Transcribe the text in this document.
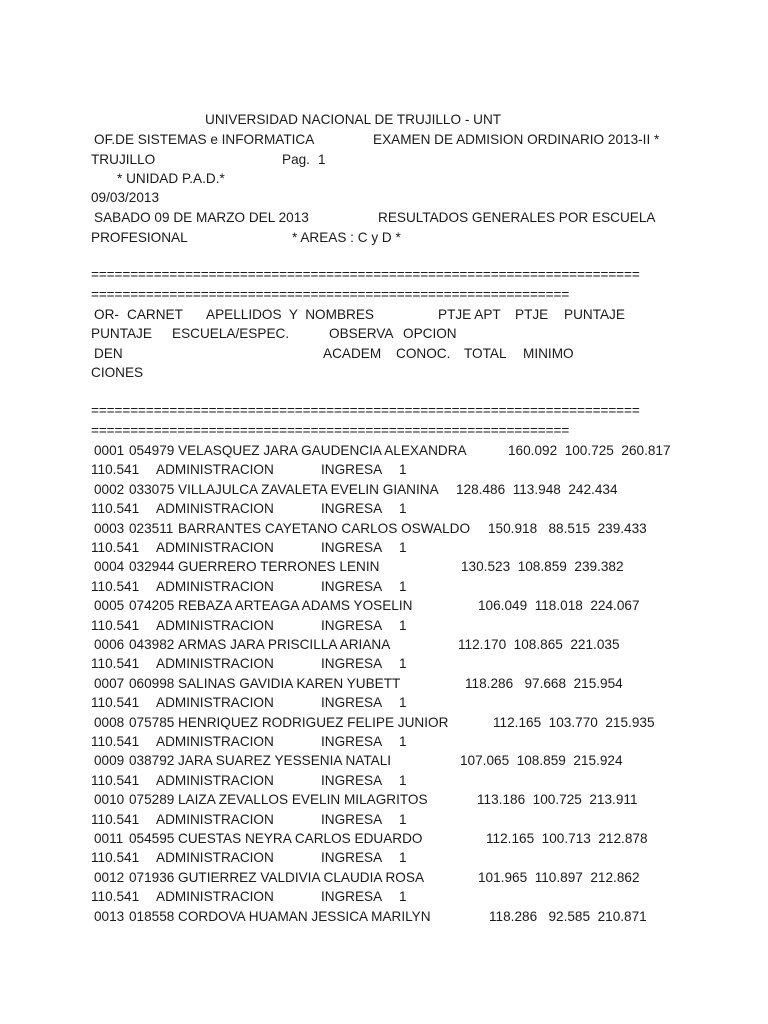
UNIVERSIDAD NACIONAL DE TRUJILLO - UNT
OF.DE SISTEMAS e INFORMATICA	EXAMEN DE ADMISION ORDINARIO 2013-II *
TRUJILLO	Pag. 1
* UNIDAD P.A.D.*
09/03/2013
SABADO 09 DE MARZO DEL 2013	RESULTADOS GENERALES POR ESCUELA
PROFESIONAL	* AREAS : C y D *
======================================================================
=============================================================
OR- CARNET APELLIDOS  Y  NOMBRES	PTJE APT PTJE PUNTAJE
PUNTAJE ESCUELA/ESPEC.	OBSERVA OPCION
DEN	ACADEM CONOC. TOTAL MINIMO
CIONES
======================================================================
=============================================================
0001 054979 VELASQUEZ JARA GAUDENCIA ALEXANDRA	160.092  100.725  260.817
110.541 ADMINISTRACION	INGRESA 1
0002 033075 VILLAJULCA ZAVALETA EVELIN GIANINA 128.486  113.948  242.434
110.541 ADMINISTRACION	INGRESA 1
0003 023511 BARRANTES CAYETANO CARLOS OSWALDO 150.918   88.515  239.433
110.541 ADMINISTRACION	INGRESA 1
0004 032944 GUERRERO TERRONES LENIN	130.523  108.859  239.382
110.541 ADMINISTRACION	INGRESA 1
0005 074205 REBAZA ARTEAGA ADAMS YOSELIN	106.049  118.018  224.067
110.541 ADMINISTRACION	INGRESA 1
0006 043982 ARMAS JARA PRISCILLA ARIANA	112.170  108.865  221.035
110.541 ADMINISTRACION	INGRESA 1
0007 060998 SALINAS GAVIDIA KAREN YUBETT	118.286   97.668  215.954
110.541 ADMINISTRACION	INGRESA 1
0008 075785 HENRIQUEZ RODRIGUEZ FELIPE JUNIOR	112.165  103.770  215.935
110.541 ADMINISTRACION	INGRESA 1
0009 038792 JARA SUAREZ YESSENIA NATALI	107.065  108.859  215.924
110.541 ADMINISTRACION	INGRESA 1
0010 075289 LAIZA ZEVALLOS EVELIN MILAGRITOS	113.186  100.725  213.911
110.541 ADMINISTRACION	INGRESA 1
0011 054595 CUESTAS NEYRA CARLOS EDUARDO	112.165  100.713  212.878
110.541 ADMINISTRACION	INGRESA 1
0012 071936 GUTIERREZ VALDIVIA CLAUDIA ROSA	101.965  110.897  212.862
110.541 ADMINISTRACION	INGRESA 1
0013 018558 CORDOVA HUAMAN JESSICA MARILYN	118.286   92.585  210.871
